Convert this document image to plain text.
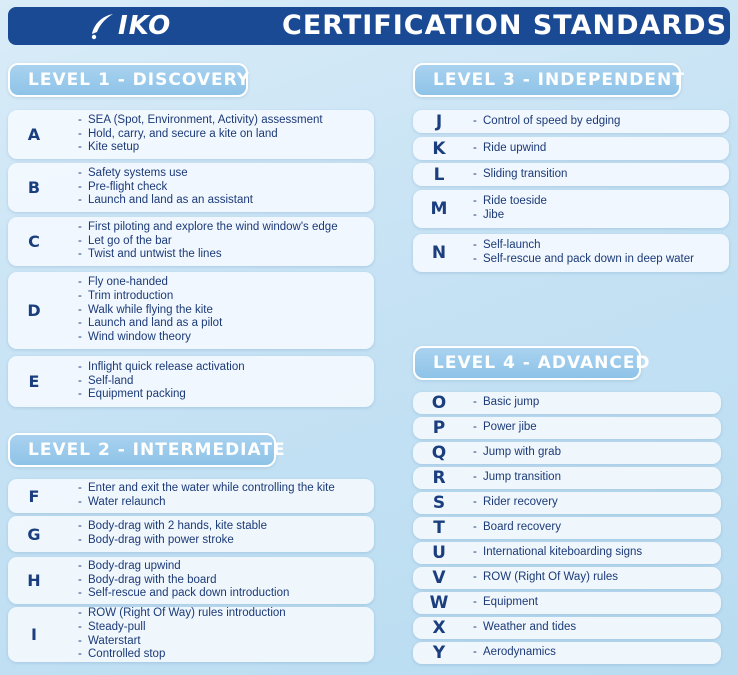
IKO	CERTIFICATION STANDARDS
LEVEL 1 - DISCOVERY
LEVEL 2 - INTERMEDIATE
LEVEL 3 - INDEPENDENT
LEVEL 4 - ADVANCED
A
- SEA (Spot, Environment, Activity) assessment
- Hold, carry, and secure a kite on land
- Kite setup
B
- Safety systems use
- Pre-flight check
- Launch and land as an assistant
C
- First piloting and explore the wind window's edge
- Let go of the bar
- Twist and untwist the lines
D
- Fly one-handed
- Trim introduction
- Walk while flying the kite
- Launch and land as a pilot
- Wind window theory
E
- Inflight quick release activation
- Self-land
- Equipment packing
F	- Enter and exit the water while controlling the kite
- Water relaunch
G	- Body-drag with 2 hands, kite stable
- Body-drag with power stroke
H
- Body-drag upwind
- Body-drag with the board
- Self-rescue and pack down introduction
I
- ROW (Right Of Way) rules introduction
- Steady-pull
- Waterstart
- Controlled stop
J	- Control of speed by edging
K	- Ride upwind
L	- Sliding transition
M	- Ride toeside
- Jibe
N	- Self-launch
- Self-rescue and pack down in deep water
O	- Basic jump
P	- Power jibe
Q	- Jump with grab
R	- Jump transition
S	- Rider recovery
T	- Board recovery
U	- International kiteboarding signs
V	- ROW (Right Of Way) rules
W	- Equipment
X	- Weather and tides
Y	- Aerodynamics
